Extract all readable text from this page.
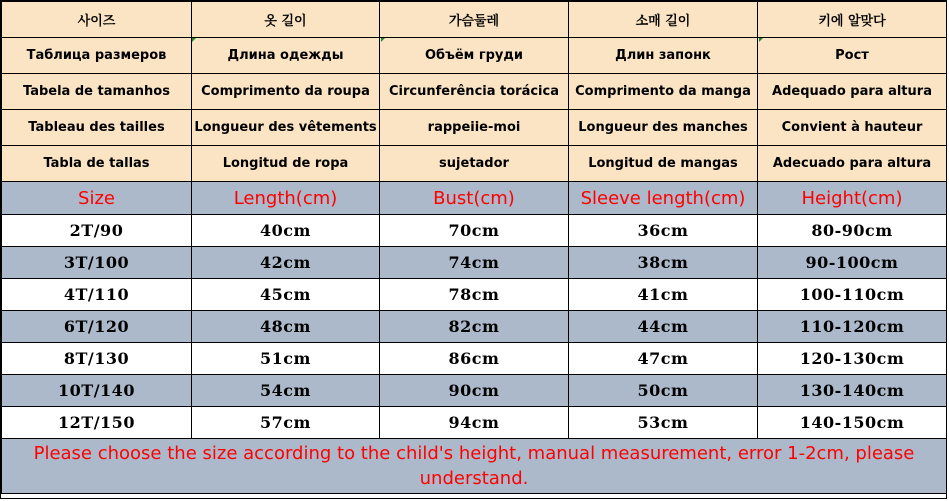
사이즈	옷 길이	가슴둘레	소매 길이	키에 알맞다
Таблица размеров	Длина одежды	Объём груди	Длин запонк	Рост
Tabela de tamanhos	Comprimento da roupa	Circunferência torácica	Comprimento da manga	Adequado para altura
Tableau des tailles	Longueur des vêtements	rappeiie-moi	Longueur des manches	Convient à hauteur
Tabla de tallas	Longitud de ropa	sujetador	Longitud de mangas	Adecuado para altura
Size	Length(cm)	Bust(cm)	Sleeve length(cm)	Height(cm)
2T/90	40cm	70cm	36cm	80-90cm
3T/100	42cm	74cm	38cm	90-100cm
4T/110	45cm	78cm	41cm	100-110cm
6T/120	48cm	82cm	44cm	110-120cm
8T/130	51cm	86cm	47cm	120-130cm
10T/140	54cm	90cm	50cm	130-140cm
12T/150	57cm	94cm	53cm	140-150cm
Please choose the size according to the child's height, manual measurement, error 1-2cm, please understand.				
